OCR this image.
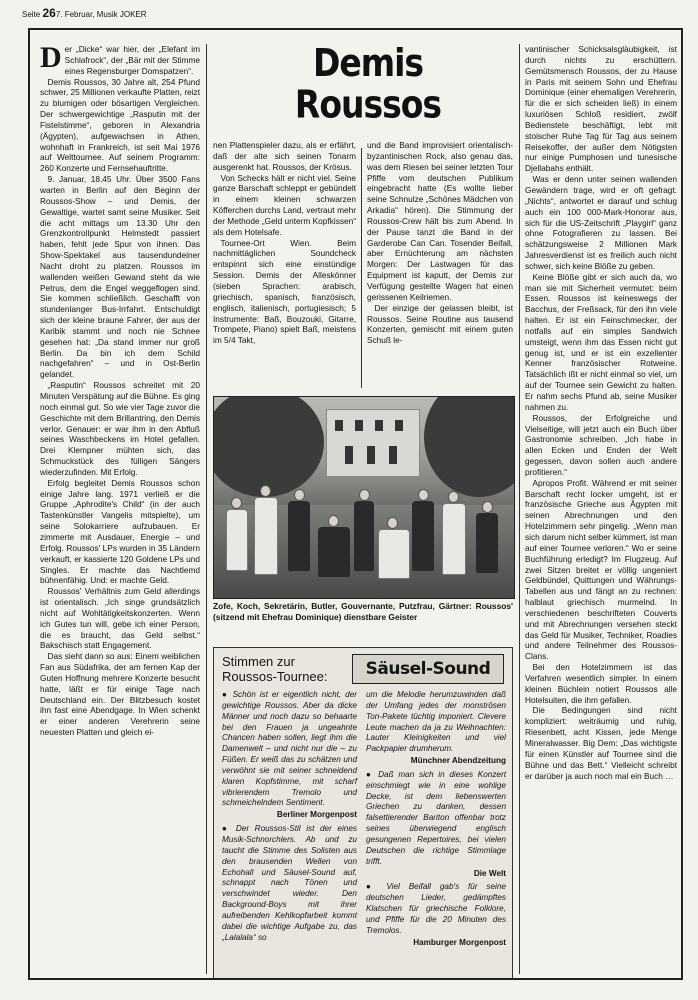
Seite 267. Februar, Musik JOKER

Der „Dicke“ war hier, der „Elefant im Schlafrock“, der „Bär mit der Stimme eines Regensburger Domspatzen“.

Demis Roussos, 30 Jahre alt, 254 Pfund schwer, 25 Millionen verkaufte Platten, reizt zu blumigen oder bösartigen Vergleichen. Der schwergewichtige „Rasputin mit der Fistelstimme“, geboren in Alexandria (Ägypten), aufgewachsen in Athen, wohnhaft in Frankreich, ist seit Mai 1976 auf Welttournee. Auf seinem Programm: 260 Konzerte und Fernsehauftritte.

9. Januar, 18.45 Uhr. Über 3500 Fans warten in Berlin auf den Beginn der Roussos-Show – und Demis, der Gewaltige, wartet samt seine Musiker. Seit die acht mittags um 13.30 Uhr den Grenzkontrollpunkt Helmstedt passiert haben, fehlt jede Spur von ihnen. Das Show-Spektakel aus tausendundeiner Nacht droht zu platzen. Roussos im wallenden weißen Gewand steht da wie Petrus, dem die Engel weggeflogen sind. Sie kommen schließlich. Geschafft von stundenlanger Bus-Irrfahrt. Entschuldigt sich der kleine braune Fahrer, der aus der Karibik stammt und noch nie Schnee gesehen hat: „Da stand immer nur groß Berlin. Da bin ich dem Schild nachgefahren“ – und in Ost-Berlin gelandet.

„Rasputin“ Roussos schreitet mit 20 Minuten Verspätung auf die Bühne. Es ging noch einmal gut. So wie vier Tage zuvor die Geschichte mit dem Brillantring, den Demis verlor. Genauer: er war ihm in den Abfluß seines Waschbeckens im Hotel gefallen. Drei Klempner mühten sich, das Schmuckstück des fülligen Sängers wiederzufinden. Mit Erfolg.

Erfolg begleitet Demis Roussos schon einige Jahre lang. 1971 verließ er die Gruppe „Aphrodite's Child“ (in der auch Tastenkünstler Vangelis mitspielte), um seine Solokarriere aufzubauen. Er zimmerte mit Ausdauer, Energie – und Erfolg. Roussos' LPs wurden in 35 Ländern verkauft, er kassierte 120 Goldene LPs und Singles. Er machte das Nachtlemd bühnenfähig. Und: er machte Geld.

Roussos' Verhältnis zum Geld allerdings ist orientalisch. „Ich singe grundsätzlich nicht auf Wohltätigkeitskonzerten. Wenn ich Gutes tun will, gebe ich einer Person, die es braucht, das Geld selbst.“ Bakschisch statt Engagement.

Das sieht dann so aus: Einem weiblichen Fan aus Südafrika, der am fernen Kap der Guten Hoffnung mehrere Konzerte besucht hatte, läßt er für einige Tage nach Deutschland ein. Der Blitzbesuch kostet ihn fast eine Abendgage. In Wien schenkt er einer anderen Verehrerin seine neuesten Platten und gleich ei-

Demis
Roussos

nen Plattenspieler dazu, als er erfährt, daß der alte sich seinen Tonarm ausgerenkt hat. Roussos, der Krösus.

Von Schecks hält er nicht viel. Seine ganze Barschaft schleppt er gebündelt in einem kleinen schwarzen Köfferchen durchs Land, vertraut mehr der Methode „Geld unterm Kopfkissen“ als dem Hotelsafe.

Tournee-Ort Wien. Beim nachmittäglichen Soundcheck entspinnt sich eine einstündige Session. Demis der Alleskönner (sieben Sprachen: arabisch, griechisch, spanisch, französisch, englisch, italienisch, portugiesisch; 5 Instrumente: Baß, Bouzouki, Gitarre, Trompete, Piano) spielt Baß, meistens im 5/4 Takt,

und die Band improvisiert orientalisch-byzantinischen Rock, also genau das, was dem Riesen bei seiner letzten Tour Pfiffe vom deutschen Publikum eingebracht hatte (Es wollte lieber seine Schnulze „Schönes Mädchen von Arkadia“ hören). Die Stimmung der Roussos-Crew hält bis zum Abend. In der Pause tanzt die Band in der Garderobe Can Can. Tosender Beifall, aber Ernüchterung am nächsten Morgen: Der Lastwagen für das Equipment ist kaputt, der Demis zur Verfügung gestellte Wagen hat einen gerissenen Keilriemen.

Der einzige der gelassen bleibt, ist Roussos. Seine Routine aus tausend Konzerten, gemischt mit einem guten Schuß le-

vantinischer Schicksalsgläubigkeit, ist durch nichts zu erschüttern. Gemütsmensch Roussos, der zu Hause in Paris mit seinem Sohn und Ehefrau Dominique (einer ehemaligen Verehrerin, für die er sich scheiden ließ) in einem luxuriösen Schloß residiert, zwölf Bedienstete beschäftigt, lebt mit stoischer Ruhe Tag für Tag aus seinem Reisekoffer, der außer dem Nötigsten nur einige Pumphosen und tunesische Djellabahs enthält.

Was er denn unter seinen wallenden Gewändern trage, wird er oft gefragt. „Nichts“, antwortet er darauf und schlug auch ein 100 000-Mark-Honorar aus, sich für die US-Zeitschrift „Playgirl“ ganz ohne Fotografieren zu lassen. Bei schätzungsweise 2 Millionen Mark Jahresverdienst ist es freilich auch nicht schwer, sich keine Blöße zu geben.

Keine Blöße gibt er sich auch da, wo man sie mit Sicherheit vermutet: beim Essen. Roussos ist keineswegs der Bacchus, der Freßsack, für den ihn viele halten. Er ist ein Feinschmecker, der notfalls auf ein simples Sandwich umsteigt, wenn ihm das Essen nicht gut genug ist, und er ist ein exzellenter Kenner französischer Rotweine. Tatsächlich ißt er nicht einmal so viel, um auf der Tournee sein Gewicht zu halten. Er nahm sechs Pfund ab, seine Musiker nahmen zu.

Roussos, der Erfolgreiche und Vielseitige, will jetzt auch ein Buch über Gastronomie schreiben. „Ich habe in allen Ecken und Enden der Welt gegessen, davon sollen auch andere profitieren.“

Apropos Profit. Während er mit seiner Barschaft recht locker umgeht, ist er französische Grieche aus Ägypten mit seinen Abrechnungen und den Hotelzimmern sehr pingelig. „Wenn man sich darum nicht selber kümmert, ist man auf einer Tournee verloren.“ Wo er seine Buchführung erledigt? Im Flugzeug. Auf zwei Sitzen breitet er völlig ungeniert Geldbündel, Quittungen und Währungs-Tabellen aus und fängt an zu rechnen: halblaut griechisch murmelnd. In verschiedenen beschrifteten Couverts und mit Abrechnungen versehen steckt das Geld für Musiker, Techniker, Roadies und andere Teilnehmer des Roussos-Clans.

Bei den Hotelzimmern ist das Verfahren wesentlich simpler. In einem kleinen Büchlein notiert Roussos alle Hotelsuiten, die ihm gefallen.

Die Bedingungen sind nicht kompliziert: weiträumig und ruhig, Riesenbett, acht Kissen, jede Menge Mineralwasser. Big Dem: „Das wichtigste für einen Künstler auf Tournee sind die Bühne und das Bett.“ Vielleicht schreibt er darüber ja auch noch mal ein Buch …

Zofe, Koch, Sekretärin, Butler, Gouvernante, Putzfrau, Gärtner: Roussos' (sitzend mit Ehefrau Dominique) dienstbare Geister
Stimmen zur Roussos-Tournee:	Säusel-Sound

● Schön ist er eigentlich nicht, der gewichtige Roussos. Aber da dicke Männer und noch dazu so behaarte bei den Frauen ja ungeahnte Chancen haben sollen, liegt ihm die Damenwelt – und nicht nur die – zu Füßen. Er weiß das zu schätzen und verwöhnt sie mit seiner schneidend klaren Kopfstimme, mit scharf vibrierendem Tremolo und schmeichelndem Sentiment.

Berliner Morgenpost

● Der Roussos-Stil ist der eines Musik-Schnorchlers. Ab und zu taucht die Stimme des Solisten aus den brausenden Wellen von Echohall und Säusel-Sound auf, schnappt nach Tönen und verschwindet wieder. Den Background-Boys mit ihrer aufreibenden Kehlkopfarbeit kommt dabei die wichtige Aufgabe zu, das „Lalalala“ so

um die Melodie herumzuwinden daß der Umfang jedes der monströsen Ton-Pakete tüchtig imponiert. Clevere Leute machen da ja zu Weihnachten: Lauter Kleinigkeiten und viel Packpapier drumherum.

Münchner Abendzeitung

● Daß man sich in dieses Konzert einschmiegt wie in eine wohlige Decke, ist dem liebenswerten Griechen zu danken, dessen falsettierender Bariton offenbar trotz seines überwiegend englisch gesungenen Repertoires, bei vielen Deutschen die richtige Stimmlage trifft.

Die Welt

● Viel Beifall gab's für seine deutschen Lieder, gedämpftes Klatschen für griechische Folklore, und Pfiffe für die 20 Minuten des Tremolos.

Hamburger Morgenpost
